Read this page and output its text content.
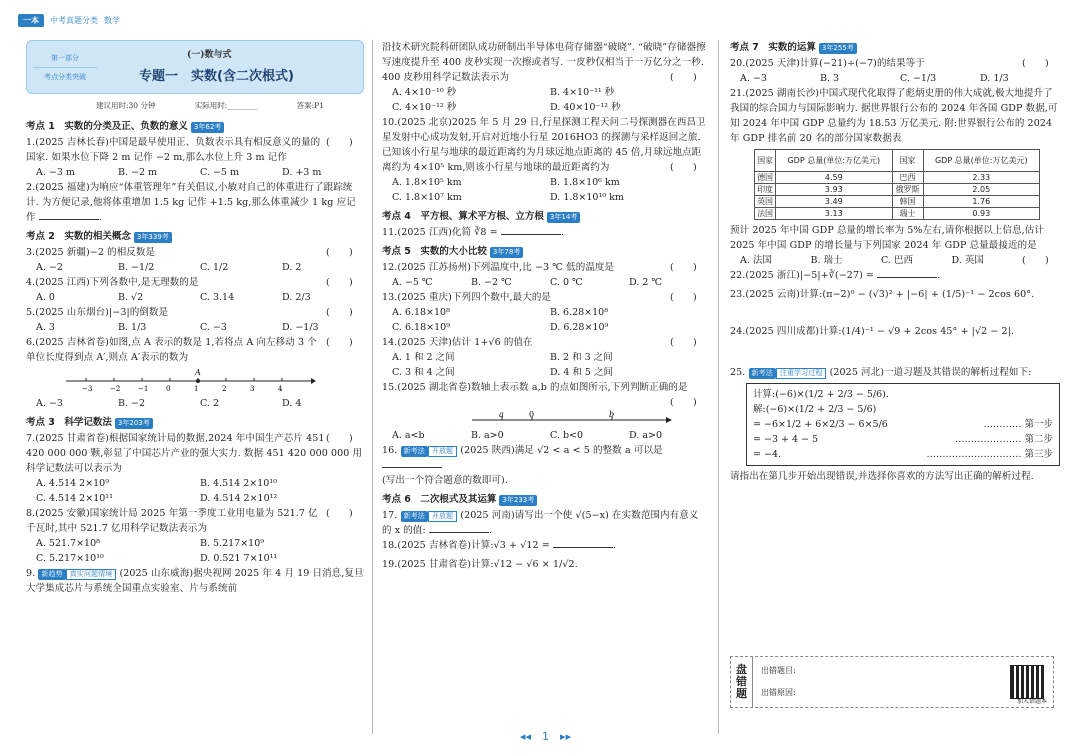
一本	中考真题分类 数学
第一部分
考点分类突破
(一)数与式
专题一　实数(含二次根式)
建议用时:30 分钟	实际用时:________	答案:P1
考点 1　实数的分类及正、负数的意义 3年62考
(　　)
1.(2025 吉林长春)中国是最早使用正、负数表示具有相反意义的量的国家. 如果水位下降 2 m 记作 −2 m,那么水位上升 3 m 记作
A. −3 m	B. −2 m	C. −5 m	D. +3 m
2.(2025 福建)为响应“体重管理年”有关倡议,小敏对自己的体重进行了跟踪统计. 为方便记录,他将体重增加 1.5 kg 记作 +1.5 kg,那么体重减少 1 kg 应记作	.
考点 2　实数的相关概念 3年339考
(　　)
3.(2025 新疆)−2 的相反数是
A. −2	B. −1/2	C. 1/2	D. 2
(　　)
4.(2025 江西)下列各数中,是无理数的是
A. 0	B. √2	C. 3.14	D. 2/3
(　　)
5.(2025 山东烟台)|−3|的倒数是
A. 3	B. 1/3	C. −3	D. −1/3
(　　)
6.(2025 吉林省卷)如图,点 A 表示的数是 1,若将点 A 向左移动 3 个单位长度得到点 A′,则点 A′表示的数为
−3	−2	−1	0	1
A
2	3	4
A. −3	B. −2	C. 2	D. 4
考点 3　科学记数法 3年203考
(　　)
7.(2025 甘肃省卷)根据国家统计局的数据,2024 年中国生产芯片 451 420 000 000 颗,彰显了中国芯片产业的强大实力. 数据 451 420 000 000 用科学记数法可以表示为
A. 4.514 2×10⁹	B. 4.514 2×10¹⁰
C. 4.514 2×10¹¹	D. 4.514 2×10¹²
(　　)
8.(2025 安徽)国家统计局 2025 年第一季度工业用电量为 521.7 亿千瓦时,其中 521.7 亿用科学记数法表示为
A. 521.7×10⁸	B. 5.217×10⁹
C. 5.217×10¹⁰	D. 0.521 7×10¹¹
9. 新趋势 真实问题情境 (2025 山东威海)据央视网 2025 年 4 月 19 日消息,复旦大学集成芯片与系统全国重点实验室、片与系统前
沿技术研究院科研团队成功研制出半导体电荷存储器“破晓”. “破晓”存储器擦写速度提升至 400 皮秒实现一次擦或者写. 一皮秒仅相当于一万亿分之一秒. 400 皮秒用科学记数法表示为	(　　)
A. 4×10⁻¹⁰ 秒	B. 4×10⁻¹¹ 秒
C. 4×10⁻¹² 秒	D. 40×10⁻¹² 秒
10.(2025 北京)2025 年 5 月 29 日,行星探测工程天问二号探测器在西昌卫星发射中心成功发射,开启对近地小行星 2016HO3 的探测与采样返回之旅. 已知该小行星与地球的最近距离约为月球远地点距离的 45 倍,月球远地点距离约为 4×10⁵ km,则该小行星与地球的最近距离约为	(　　)
A. 1.8×10⁵ km	B. 1.8×10⁶ km
C. 1.8×10⁷ km	D. 1.8×10¹⁰ km
考点 4　平方根、算术平方根、立方根 3年14考
11.(2025 江西)化简 ∛8 =	.
考点 5　实数的大小比较 3年78考
(　　)
12.(2025 江苏扬州)下列温度中,比 −3 ℃ 低的温度是
A. −5 ℃	B. −2 ℃	C. 0 ℃	D. 2 ℃
(　　)
13.(2025 重庆)下列四个数中,最大的是
A. 6.18×10⁸	B. 6.28×10⁸
C. 6.18×10⁹	D. 6.28×10⁹
(　　)
14.(2025 天津)估计 1+√6 的值在
A. 1 和 2 之间	B. 2 和 3 之间
C. 3 和 4 之间	D. 4 和 5 之间
15.(2025 湖北省卷)数轴上表示数 a,b 的点如图所示,下列判断正确的是
(　　)
a	0	b
A. a<b	B. a>0	C. b<0	D. a>0
16. 新考法 开放题 (2025 陕西)满足 √2 < a < 5 的整数 a 可以是
(写出一个符合题意的数即可).
考点 6　二次根式及其运算 3年233考
17. 新考法 开放题 (2025 河南)请写出一个使 √(5−x) 在实数范围内有意义的 x 的值:	.
18.(2025 吉林省卷)计算:√3 + √12 =	.
19.(2025 甘肃省卷)计算:√12 − √6 × 1/√2.
考点 7　实数的运算 3年255考
(　　)
20.(2025 天津)计算(−21)÷(−7)的结果等于
A. −3	B. 3	C. −1/3	D. 1/3
21.(2025 湖南长沙)中国式现代化取得了彪炳史册的伟大成就,极大地提升了我国的综合国力与国际影响力. 据世界银行公布的 2024 年各国 GDP 数据,可知 2024 年中国 GDP 总量约为 18.53 万亿美元. 附:世界银行公布的 2024 年 GDP 排名前 20 名的部分国家数据表
国家	GDP 总量(单位:万亿美元)	国家	GDP 总量(单位:万亿美元)
德国	4.59	巴西	2.33
印度	3.93	俄罗斯	2.05
英国	3.49	韩国	1.76
法国	3.13	瑞士	0.93
预计 2025 年中国 GDP 总量的增长率为 5%左右,请你根据以上信息,估计 2025 年中国 GDP 的增长量与下列国家 2024 年 GDP 总量最接近的是
(　　)
A. 法国	B. 瑞士	C. 巴西	D. 英国
22.(2025 浙江)|−5|+∛(−27) =	.
23.(2025 云南)计算:(π−2)⁰ − (√3)² + |−6| + (1/5)⁻¹ − 2cos 60°.
24.(2025 四川成都)计算:(1/4)⁻¹ − √9 + 2cos 45° + |√2 − 2|.
25. 新考法 注重学习过程 (2025 河北)一道习题及其错误的解析过程如下:
计算:(−6)×(1/2 + 2/3 − 5/6).
解:(−6)×(1/2 + 2/3 − 5/6)
= −6×1/2 + 6×2/3 − 6×5/6	………… 第一步
= −3 + 4 − 5	………………… 第二步
= −4.	………………………… 第三步
请指出在第几步开始出现错误,并选择你喜欢的方法写出正确的解析过程.
盘错题
出错题目:
出错原因:
加入错题本
◂◂　1　▸▸
